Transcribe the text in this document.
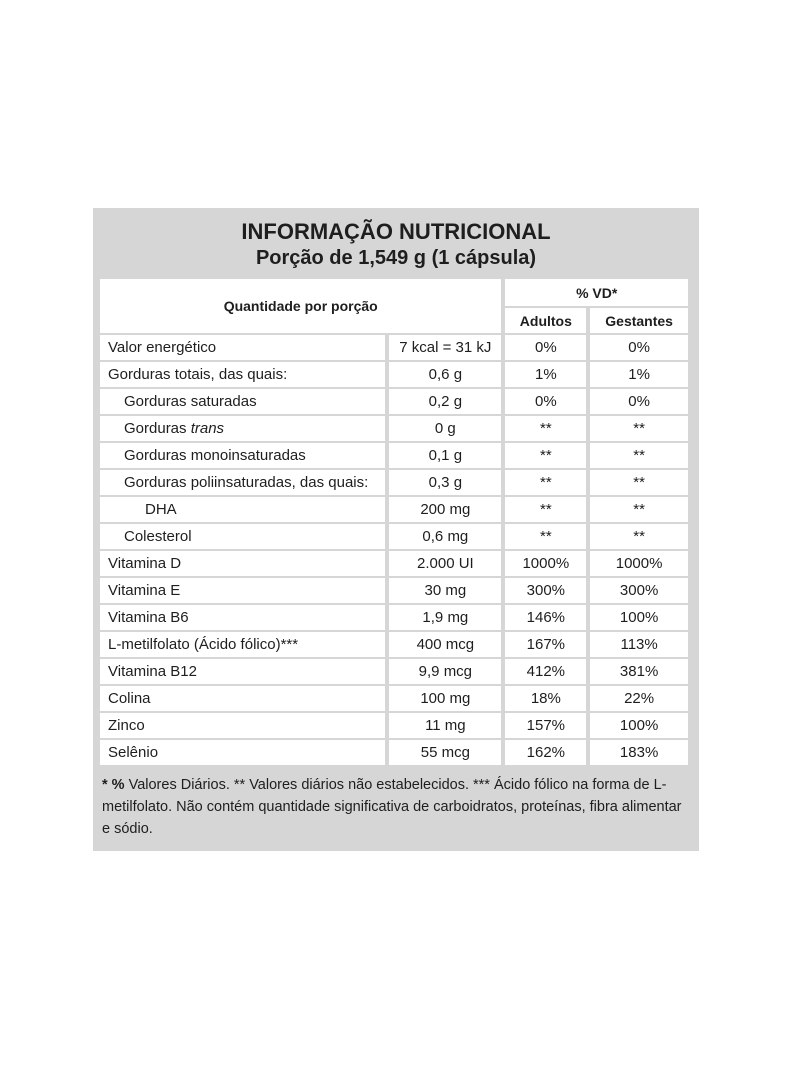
INFORMAÇÃO NUTRICIONAL
Porção de 1,549 g (1 cápsula)
Quantidade por porção		% VD*	
		Adultos	Gestantes
Valor energético	7 kcal = 31 kJ	0%	0%
Gorduras totais, das quais:	0,6 g	1%	1%
Gorduras saturadas	0,2 g	0%	0%
Gorduras trans	0 g	**	**
Gorduras monoinsaturadas	0,1 g	**	**
Gorduras poliinsaturadas, das quais:	0,3 g	**	**
DHA	200 mg	**	**
Colesterol	0,6 mg	**	**
Vitamina D	2.000 UI	1000%	1000%
Vitamina E	30 mg	300%	300%
Vitamina B6	1,9 mg	146%	100%
L-metilfolato (Ácido fólico)***	400 mcg	167%	113%
Vitamina B12	9,9 mcg	412%	381%
Colina	100 mg	18%	22%
Zinco	11 mg	157%	100%
Selênio	55 mcg	162%	183%
* % Valores Diários. ** Valores diários não estabelecidos. *** Ácido fólico na forma de L-metilfolato. Não contém quantidade significativa de carboidratos, proteínas, fibra alimentar e sódio.
